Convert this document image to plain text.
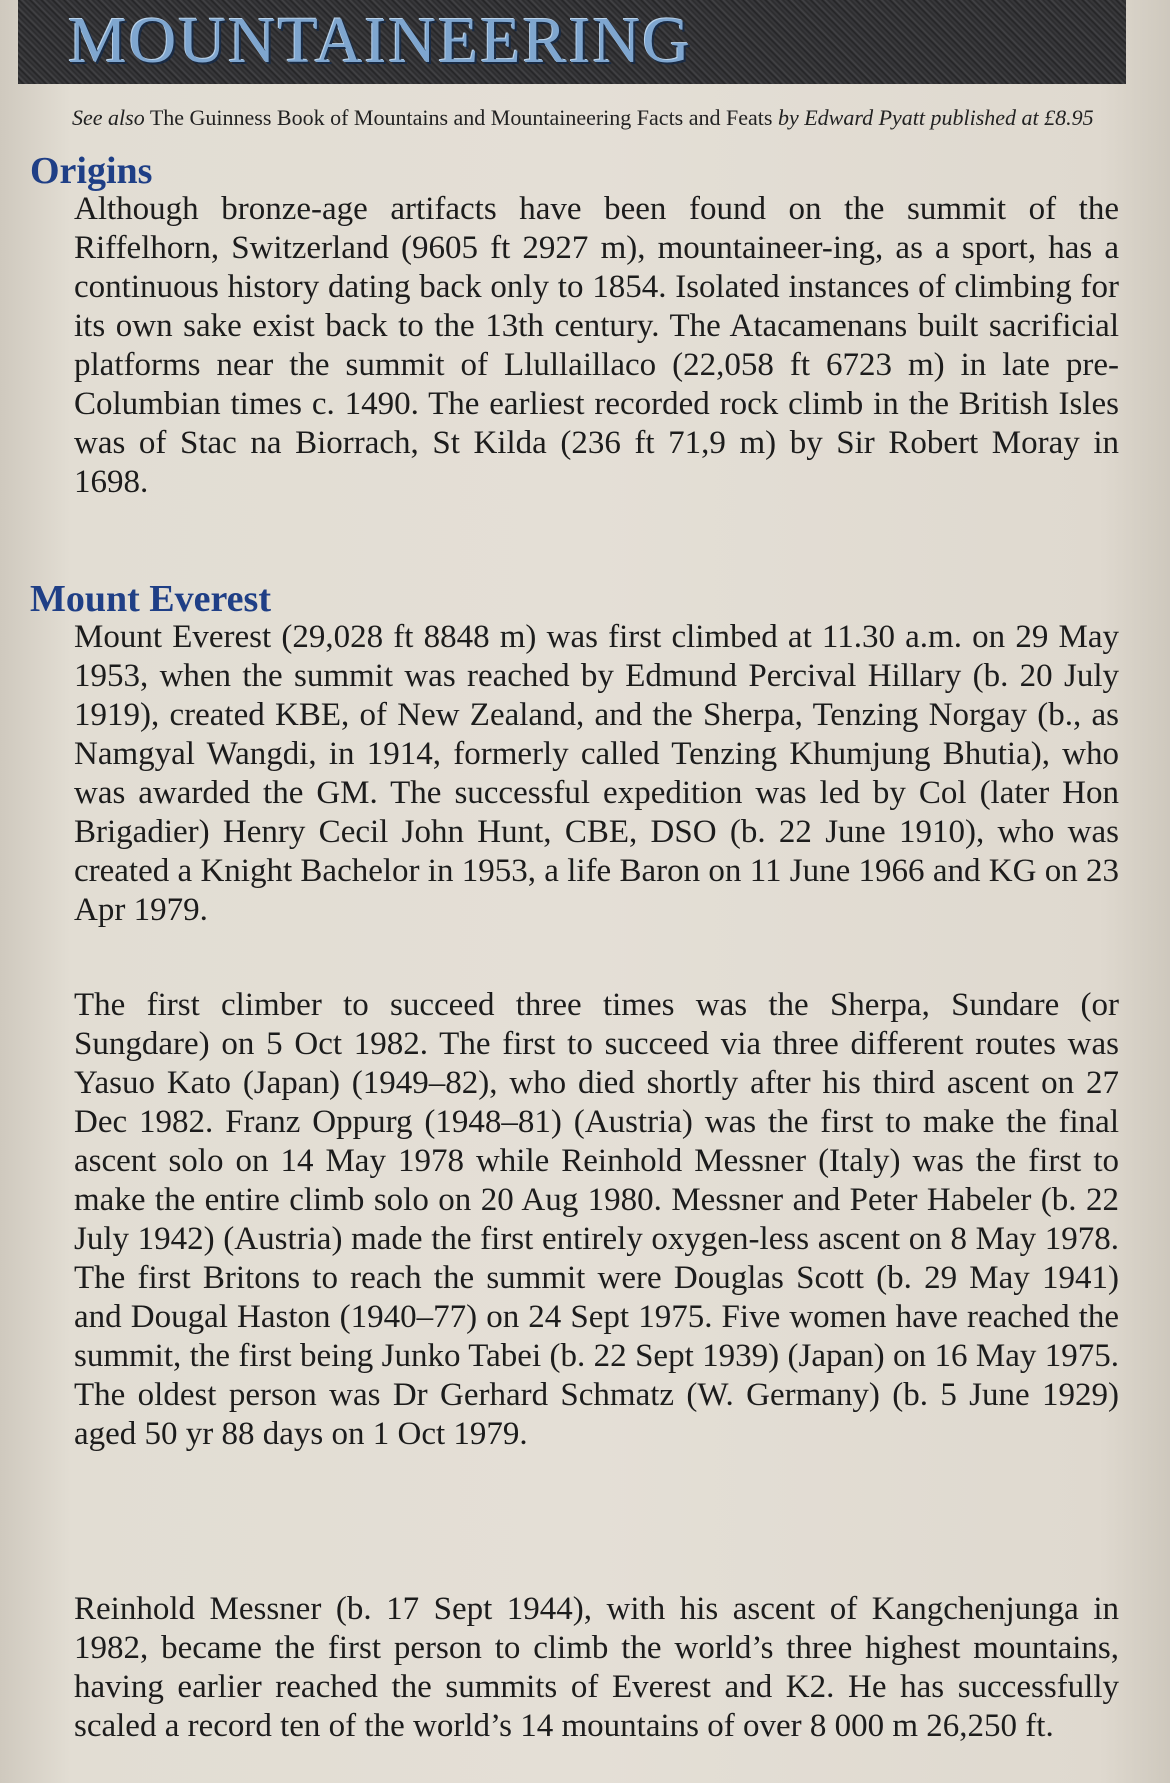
MOUNTAINEERING
See also The Guinness Book of Mountains and Mountaineering Facts and Feats by Edward Pyatt published at £8.95
Origins

Although bronze-age artifacts have been found on the summit of the Riffelhorn, Switzerland (9605 ft 2927 m), mountaineer-ing, as a sport, has a continuous history dating back only to 1854. Isolated instances of climbing for its own sake exist back to the 13th century. The Atacamenans built sacrificial platforms near the summit of Llullaillaco (22,058 ft 6723 m) in late pre-Columbian times c. 1490. The earliest recorded rock climb in the British Isles was of Stac na Biorrach, St Kilda (236 ft 71,9 m) by Sir Robert Moray in 1698.

Mount Everest

Mount Everest (29,028 ft 8848 m) was first climbed at 11.30 a.m. on 29 May 1953, when the summit was reached by Edmund Percival Hillary (b. 20 July 1919), created KBE, of New Zealand, and the Sherpa, Tenzing Norgay (b., as Namgyal Wangdi, in 1914, formerly called Tenzing Khumjung Bhutia), who was awarded the GM. The successful expedition was led by Col (later Hon Brigadier) Henry Cecil John Hunt, CBE, DSO (b. 22 June 1910), who was created a Knight Bachelor in 1953, a life Baron on 11 June 1966 and KG on 23 Apr 1979.

The first climber to succeed three times was the Sherpa, Sundare (or Sungdare) on 5 Oct 1982. The first to succeed via three different routes was Yasuo Kato (Japan) (1949–82), who died shortly after his third ascent on 27 Dec 1982. Franz Oppurg (1948–81) (Austria) was the first to make the final ascent solo on 14 May 1978 while Reinhold Messner (Italy) was the first to make the entire climb solo on 20 Aug 1980. Messner and Peter Habeler (b. 22 July 1942) (Austria) made the first entirely oxygen-less ascent on 8 May 1978. The first Britons to reach the summit were Douglas Scott (b. 29 May 1941) and Dougal Haston (1940–77) on 24 Sept 1975. Five women have reached the summit, the first being Junko Tabei (b. 22 Sept 1939) (Japan) on 16 May 1975. The oldest person was Dr Gerhard Schmatz (W. Germany) (b. 5 June 1929) aged 50 yr 88 days on 1 Oct 1979.

Reinhold Messner (b. 17 Sept 1944), with his ascent of Kangchenjunga in 1982, became the first person to climb the world’s three highest mountains, having earlier reached the summits of Everest and K2. He has successfully scaled a record ten of the world’s 14 mountains of over 8 000 m 26,250 ft.
